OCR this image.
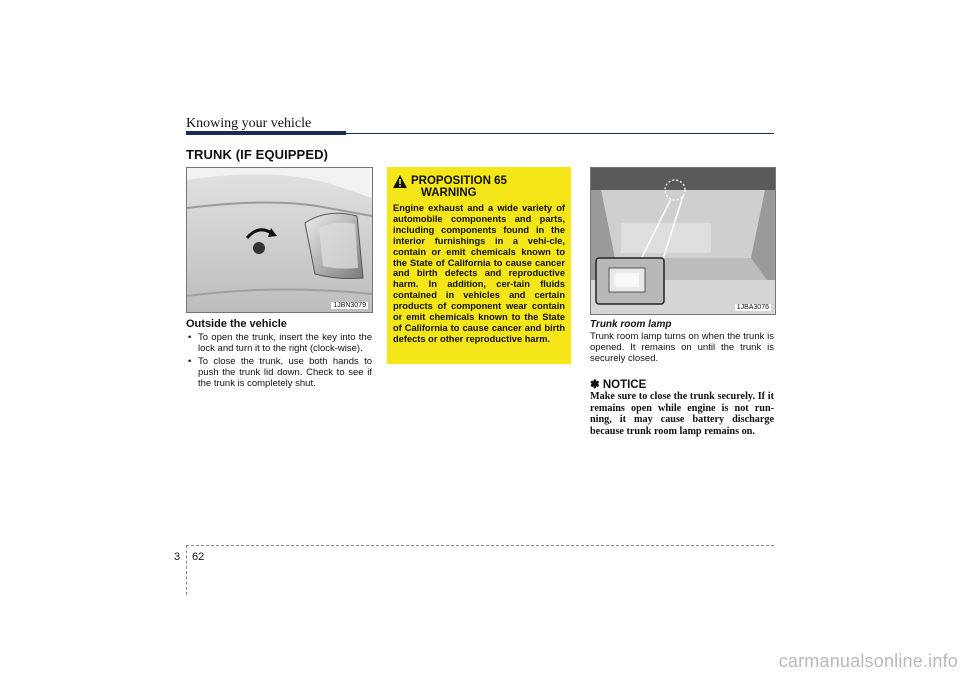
Knowing your vehicle
TRUNK (IF EQUIPPED)
1JBN3079
Outside the vehicle
• To open the trunk, insert the key into the lock and turn it to the right (clock-wise).
• To close the trunk, use both hands to push the trunk lid down. Check to see if the trunk is completely shut.
PROPOSITION 65
WARNING
Engine exhaust and a wide variety of automobile components and parts, including components found in the interior furnishings in a vehi-cle, contain or emit chemicals known to the State of California to cause cancer and birth defects and reproductive harm. In addition, cer-tain fluids contained in vehicles and certain products of component wear contain or emit chemicals known to the State of California to cause cancer and birth defects or other reproductive harm.
1JBA3076
Trunk room lamp
Trunk room lamp turns on when the trunk is opened. It remains on until the trunk is securely closed.
✽ NOTICE
Make sure to close the trunk securely. If it remains open while engine is not run-ning, it may cause battery discharge because trunk room lamp remains on.
3 62
carmanualsonline.info
